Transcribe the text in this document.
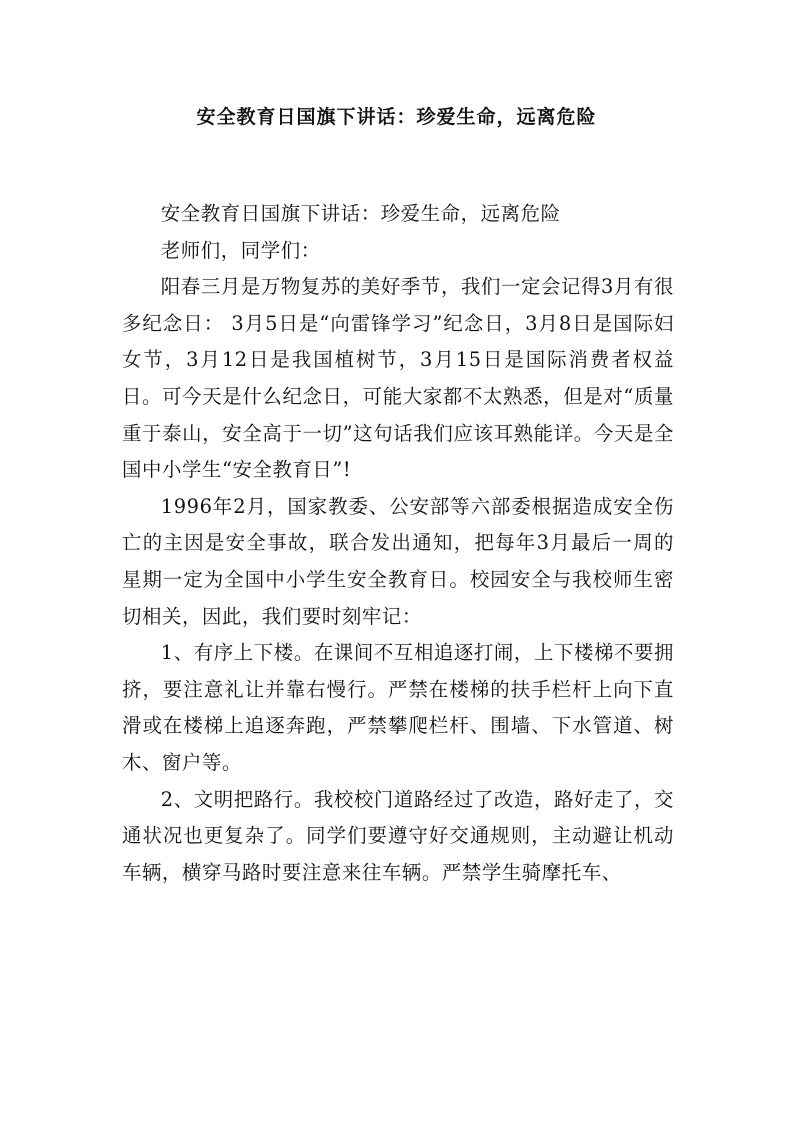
安全教育日国旗下讲话：珍爱生命，远离危险

安全教育日国旗下讲话：珍爱生命，远离危险

老师们，同学们：

阳春三月是万物复苏的美好季节，我们一定会记得3月有很多纪念日： 3月5日是“向雷锋学习”纪念日，3月8日是国际妇女节，3月12日是我国植树节，3月15日是国际消费者权益日。可今天是什么纪念日，可能大家都不太熟悉，但是对“质量重于泰山，安全高于一切”这句话我们应该耳熟能详。今天是全国中小学生“安全教育日”!

1996年2月，国家教委、公安部等六部委根据造成安全伤亡的主因是安全事故，联合发出通知，把每年3月最后一周的星期一定为全国中小学生安全教育日。校园安全与我校师生密切相关，因此，我们要时刻牢记：

1、有序上下楼。在课间不互相追逐打闹，上下楼梯不要拥挤，要注意礼让并靠右慢行。严禁在楼梯的扶手栏杆上向下直滑或在楼梯上追逐奔跑，严禁攀爬栏杆、围墙、下水管道、树木、窗户等。

2、文明把路行。我校校门道路经过了改造，路好走了，交通状况也更复杂了。同学们要遵守好交通规则，主动避让机动车辆，横穿马路时要注意来往车辆。严禁学生骑摩托车、
